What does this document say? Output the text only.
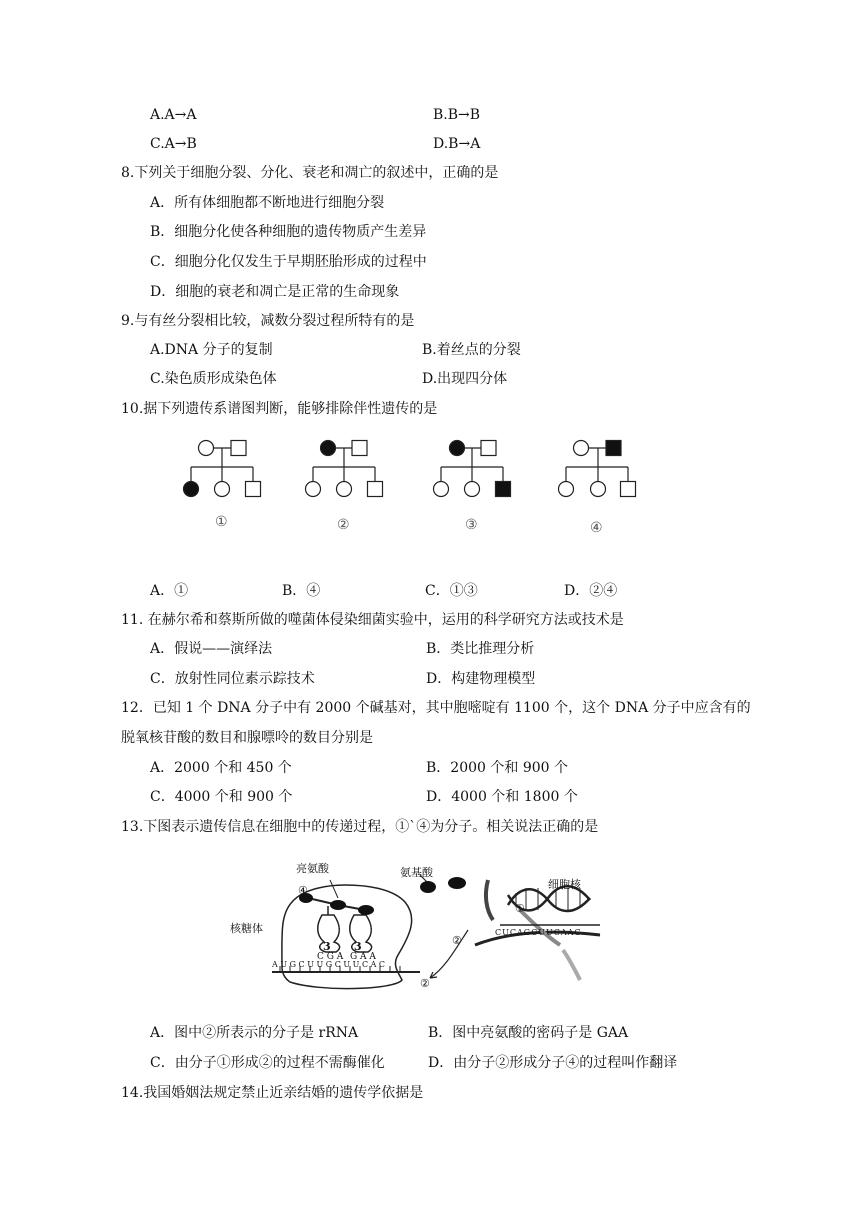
A.A→A	B.B→B
C.A→B	D.B→A
8.下列关于细胞分裂、分化、衰老和凋亡的叙述中，正确的是
A．所有体细胞都不断地进行细胞分裂
B．细胞分化使各种细胞的遗传物质产生差异
C．细胞分化仅发生于早期胚胎形成的过程中
D．细胞的衰老和凋亡是正常的生命现象
9.与有丝分裂相比较，减数分裂过程所特有的是
A.DNA 分子的复制	B.着丝点的分裂
C.染色质形成染色体	D.出现四分体
10.据下列遗传系谱图判断，能够排除伴性遗传的是
①	②	③	④
A．①	B．④	C．①③	D．②④
11. 在赫尔希和蔡斯所做的噬菌体侵染细菌实验中，运用的科学研究方法或技术是
A．假说——演绎法	B．类比推理分析
C．放射性同位素示踪技术	D．构建物理模型
12．已知 1 个 DNA 分子中有 2000 个碱基对，其中胞嘧啶有 1100 个，这个 DNA 分子中应含有的
脱氧核苷酸的数目和腺嘌呤的数目分别是
A．2000 个和 450 个	B．2000 个和 900 个
C．4000 个和 900 个	D．4000 个和 1800 个
13.下图表示遗传信息在细胞中的传递过程，①`④为分子。相关说法正确的是
亮氨酸	氨基酸
细胞核
核糖体
④
①
②
②
3 3
C G A G A A
A U G C U U G C U U C A C
CUCAGCUUCAAC
A．图中②所表示的分子是 rRNA	B．图中亮氨酸的密码子是 GAA
C．由分子①形成②的过程不需酶催化	D．由分子②形成分子④的过程叫作翻译
14.我国婚姻法规定禁止近亲结婚的遗传学依据是
